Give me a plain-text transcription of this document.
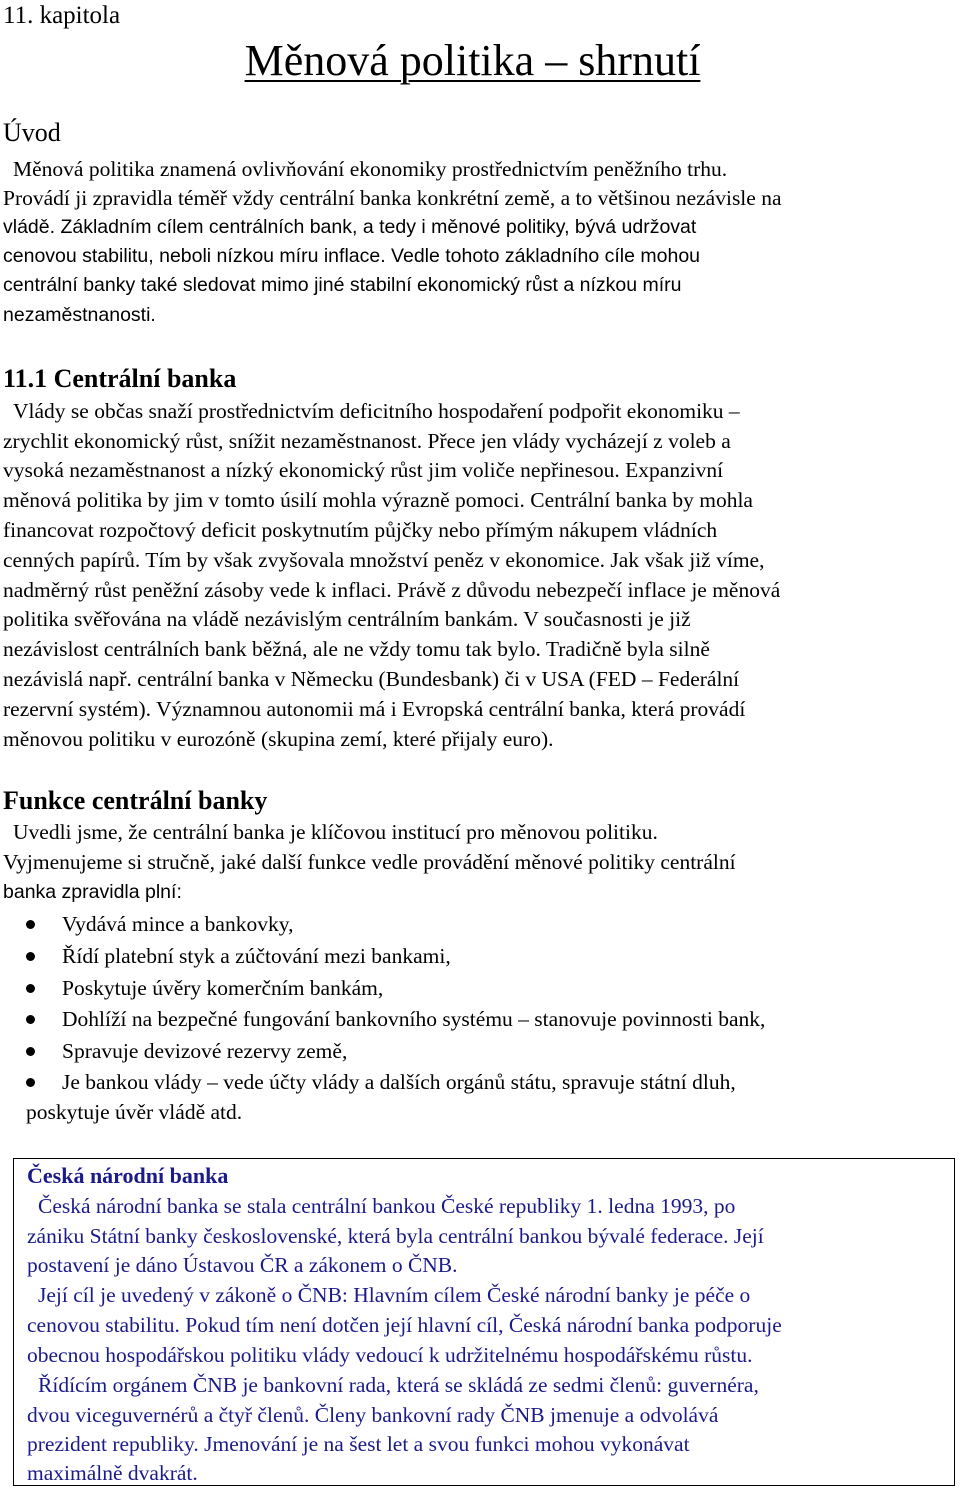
11. kapitola
Měnová politika – shrnutí
Úvod
Měnová politika znamená ovlivňování ekonomiky prostřednictvím peněžního trhu.
Provádí ji zpravidla téměř vždy centrální banka konkrétní země, a to většinou nezávisle na
vládě. Základním cílem centrálních bank, a tedy i měnové politiky, bývá udržovat
cenovou stabilitu, neboli nízkou míru inflace. Vedle tohoto základního cíle mohou
centrální banky také sledovat mimo jiné stabilní ekonomický růst a nízkou míru
nezaměstnanosti.
11.1 Centrální banka
Vlády se občas snaží prostřednictvím deficitního hospodaření podpořit ekonomiku –
zrychlit ekonomický růst, snížit nezaměstnanost. Přece jen vlády vycházejí z voleb a
vysoká nezaměstnanost a nízký ekonomický růst jim voliče nepřinesou. Expanzivní
měnová politika by jim v tomto úsilí mohla výrazně pomoci. Centrální banka by mohla
financovat rozpočtový deficit poskytnutím půjčky nebo přímým nákupem vládních
cenných papírů. Tím by však zvyšovala množství peněz v ekonomice. Jak však již víme,
nadměrný růst peněžní zásoby vede k inflaci. Právě z důvodu nebezpečí inflace je měnová
politika svěřována na vládě nezávislým centrálním bankám. V současnosti je již
nezávislost centrálních bank běžná, ale ne vždy tomu tak bylo. Tradičně byla silně
nezávislá např. centrální banka v Německu (Bundesbank) či v USA (FED – Federální
rezervní systém). Významnou autonomii má i Evropská centrální banka, která provádí
měnovou politiku v eurozóně (skupina zemí, které přijaly euro).
Funkce centrální banky
Uvedli jsme, že centrální banka je klíčovou institucí pro měnovou politiku.
Vyjmenujeme si stručně, jaké další funkce vedle provádění měnové politiky centrální
banka zpravidla plní:
Vydává mince a bankovky,
Řídí platební styk a zúčtování mezi bankami,
Poskytuje úvěry komerčním bankám,
Dohlíží na bezpečné fungování bankovního systému – stanovuje povinnosti bank,
Spravuje devizové rezervy země,
Je bankou vlády – vede účty vlády a dalších orgánů státu, spravuje státní dluh,
poskytuje úvěr vládě atd.
Česká národní banka
Česká národní banka se stala centrální bankou České republiky 1. ledna 1993, po
zániku Státní banky československé, která byla centrální bankou bývalé federace. Její
postavení je dáno Ústavou ČR a zákonem o ČNB.
Její cíl je uvedený v zákoně o ČNB: Hlavním cílem České národní banky je péče o
cenovou stabilitu. Pokud tím není dotčen její hlavní cíl, Česká národní banka podporuje
obecnou hospodářskou politiku vlády vedoucí k udržitelnému hospodářskému růstu.
Řídícím orgánem ČNB je bankovní rada, která se skládá ze sedmi členů: guvernéra,
dvou viceguvernérů a čtyř členů. Členy bankovní rady ČNB jmenuje a odvolává
prezident republiky. Jmenování je na šest let a svou funkci mohou vykonávat
maximálně dvakrát.
